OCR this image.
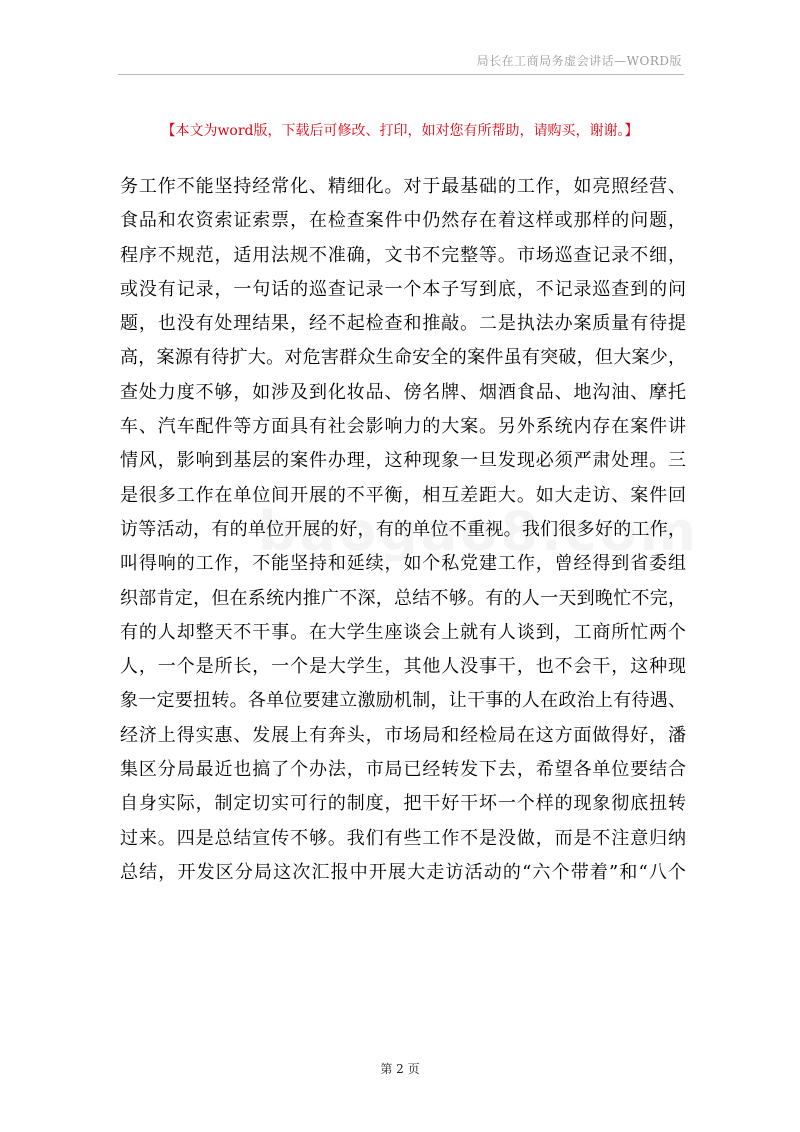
局长在工商局务虚会讲话—WORD版
【本文为word版，下载后可修改、打印，如对您有所帮助，请购买，谢谢。】
务工作不能坚持经常化、精细化。对于最基础的工作，如亮照经营、
食品和农资索证索票，在检查案件中仍然存在着这样或那样的问题，
程序不规范，适用法规不准确，文书不完整等。市场巡查记录不细，
或没有记录，一句话的巡查记录一个本子写到底，不记录巡查到的问
题，也没有处理结果，经不起检查和推敲。二是执法办案质量有待提
高，案源有待扩大。对危害群众生命安全的案件虽有突破，但大案少，
查处力度不够，如涉及到化妆品、傍名牌、烟酒食品、地沟油、摩托
车、汽车配件等方面具有社会影响力的大案。另外系统内存在案件讲
情风，影响到基层的案件办理，这种现象一旦发现必须严肃处理。三
是很多工作在单位间开展的不平衡，相互差距大。如大走访、案件回
访等活动，有的单位开展的好，有的单位不重视。我们很多好的工作，
叫得响的工作，不能坚持和延续，如个私党建工作，曾经得到省委组
织部肯定，但在系统内推广不深，总结不够。有的人一天到晚忙不完，
有的人却整天不干事。在大学生座谈会上就有人谈到，工商所忙两个
人，一个是所长，一个是大学生，其他人没事干，也不会干，这种现
象一定要扭转。各单位要建立激励机制，让干事的人在政治上有待遇、
经济上得实惠、发展上有奔头，市场局和经检局在这方面做得好，潘
集区分局最近也搞了个办法，市局已经转发下去，希望各单位要结合
自身实际，制定切实可行的制度，把干好干坏一个样的现象彻底扭转
过来。四是总结宣传不够。我们有些工作不是没做，而是不注意归纳
总结，开发区分局这次汇报中开展大走访活动的“六个带着”和“八个
第 2 页
